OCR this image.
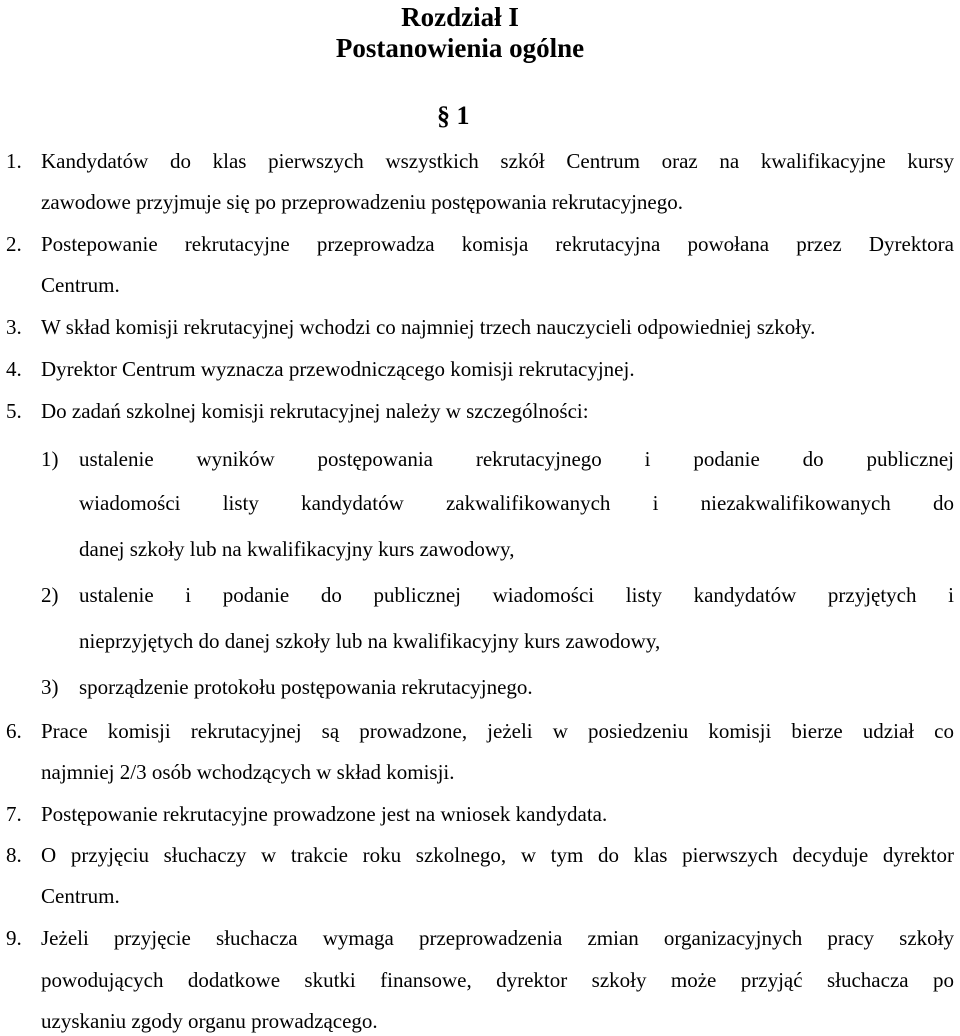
Rozdział I
Postanowienia ogólne
§ 1
1. Kandydatów do klas pierwszych wszystkich szkół Centrum oraz na kwalifikacyjne kursy
zawodowe przyjmuje się po przeprowadzeniu postępowania rekrutacyjnego.
2. Postepowanie rekrutacyjne przeprowadza komisja rekrutacyjna powołana przez Dyrektora
Centrum.
3. W skład komisji rekrutacyjnej wchodzi co najmniej trzech nauczycieli odpowiedniej szkoły.
4. Dyrektor Centrum wyznacza przewodniczącego komisji rekrutacyjnej.
5. Do zadań szkolnej komisji rekrutacyjnej należy w szczególności:
1) ustalenie wyników postępowania rekrutacyjnego i podanie do publicznej
wiadomości listy kandydatów zakwalifikowanych i niezakwalifikowanych do
danej szkoły lub na kwalifikacyjny kurs zawodowy,
2) ustalenie i podanie do publicznej wiadomości listy kandydatów przyjętych i
nieprzyjętych do danej szkoły lub na kwalifikacyjny kurs zawodowy,
3) sporządzenie protokołu postępowania rekrutacyjnego.
6. Prace komisji rekrutacyjnej są prowadzone, jeżeli w posiedzeniu komisji bierze udział co
najmniej 2/3 osób wchodzących w skład komisji.
7. Postępowanie rekrutacyjne prowadzone jest na wniosek kandydata.
8. O przyjęciu słuchaczy w trakcie roku szkolnego, w tym do klas pierwszych decyduje dyrektor
Centrum.
9. Jeżeli przyjęcie słuchacza wymaga przeprowadzenia zmian organizacyjnych pracy szkoły
powodujących dodatkowe skutki finansowe, dyrektor szkoły może przyjąć słuchacza po
uzyskaniu zgody organu prowadzącego.
